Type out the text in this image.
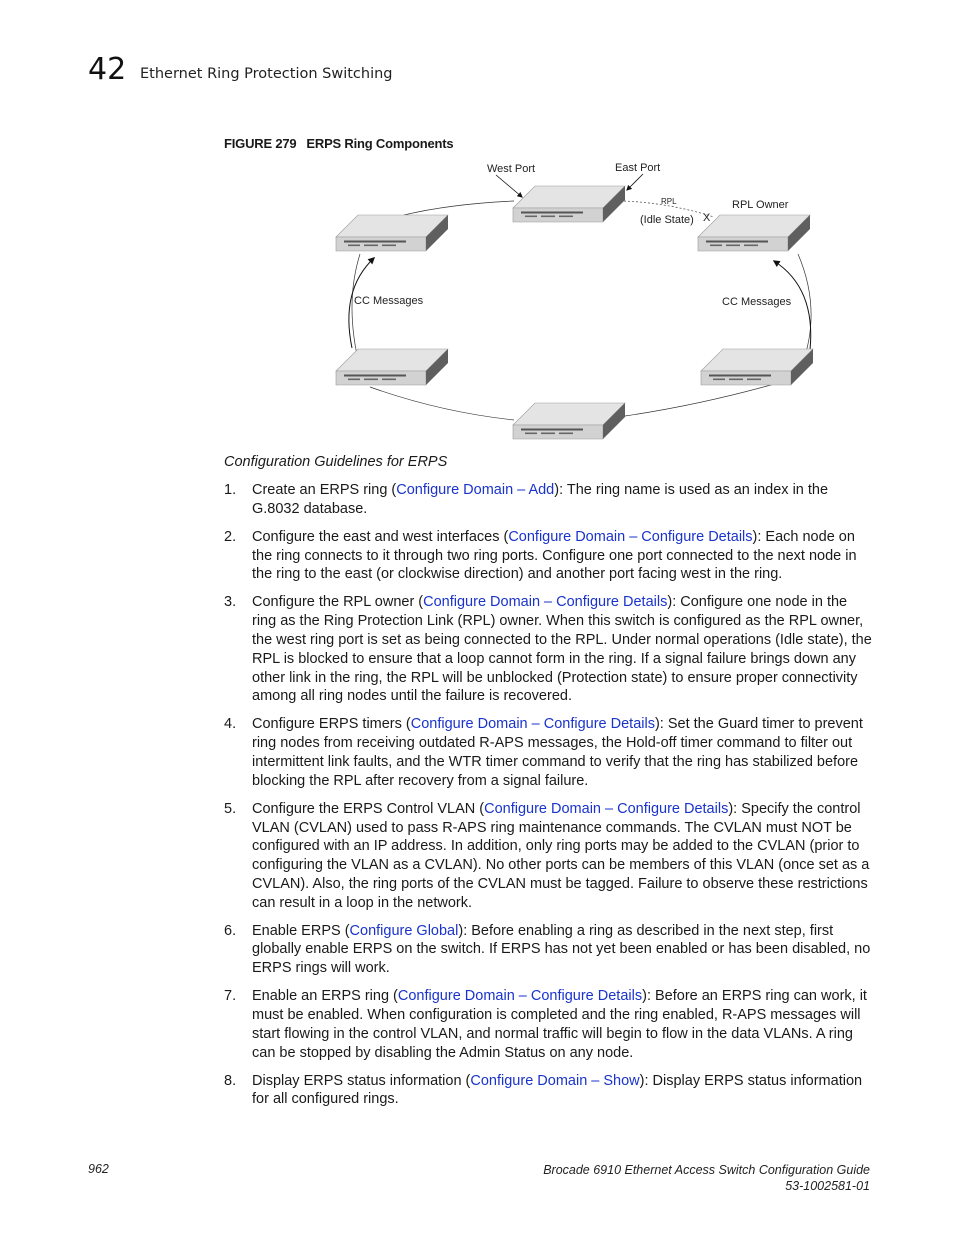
42 Ethernet Ring Protection Switching
FIGURE 279 ERPS Ring Components
West Port	East Port
RPL
(Idle State) X
RPL Owner
CC Messages	CC Messages
Configuration Guidelines for ERPS
1. Create an ERPS ring (Configure Domain – Add): The ring name is used as an index in the G.8032 database.
2. Configure the east and west interfaces (Configure Domain – Configure Details): Each node on the ring connects to it through two ring ports. Configure one port connected to the next node in the ring to the east (or clockwise direction) and another port facing west in the ring.
3. Configure the RPL owner (Configure Domain – Configure Details): Configure one node in the ring as the Ring Protection Link (RPL) owner. When this switch is configured as the RPL owner, the west ring port is set as being connected to the RPL. Under normal operations (Idle state), the RPL is blocked to ensure that a loop cannot form in the ring. If a signal failure brings down any other link in the ring, the RPL will be unblocked (Protection state) to ensure proper connectivity among all ring nodes until the failure is recovered.
4. Configure ERPS timers (Configure Domain – Configure Details): Set the Guard timer to prevent ring nodes from receiving outdated R-APS messages, the Hold-off timer command to filter out intermittent link faults, and the WTR timer command to verify that the ring has stabilized before blocking the RPL after recovery from a signal failure.
5. Configure the ERPS Control VLAN (Configure Domain – Configure Details): Specify the control VLAN (CVLAN) used to pass R-APS ring maintenance commands. The CVLAN must NOT be configured with an IP address. In addition, only ring ports may be added to the CVLAN (prior to configuring the VLAN as a CVLAN). No other ports can be members of this VLAN (once set as a CVLAN). Also, the ring ports of the CVLAN must be tagged. Failure to observe these restrictions can result in a loop in the network.
6. Enable ERPS (Configure Global): Before enabling a ring as described in the next step, first globally enable ERPS on the switch. If ERPS has not yet been enabled or has been disabled, no ERPS rings will work.
7. Enable an ERPS ring (Configure Domain – Configure Details): Before an ERPS ring can work, it must be enabled. When configuration is completed and the ring enabled, R-APS messages will start flowing in the control VLAN, and normal traffic will begin to flow in the data VLANs. A ring can be stopped by disabling the Admin Status on any node.
8. Display ERPS status information (Configure Domain – Show): Display ERPS status information for all configured rings.
962	Brocade 6910 Ethernet Access Switch Configuration Guide
53-1002581-01
